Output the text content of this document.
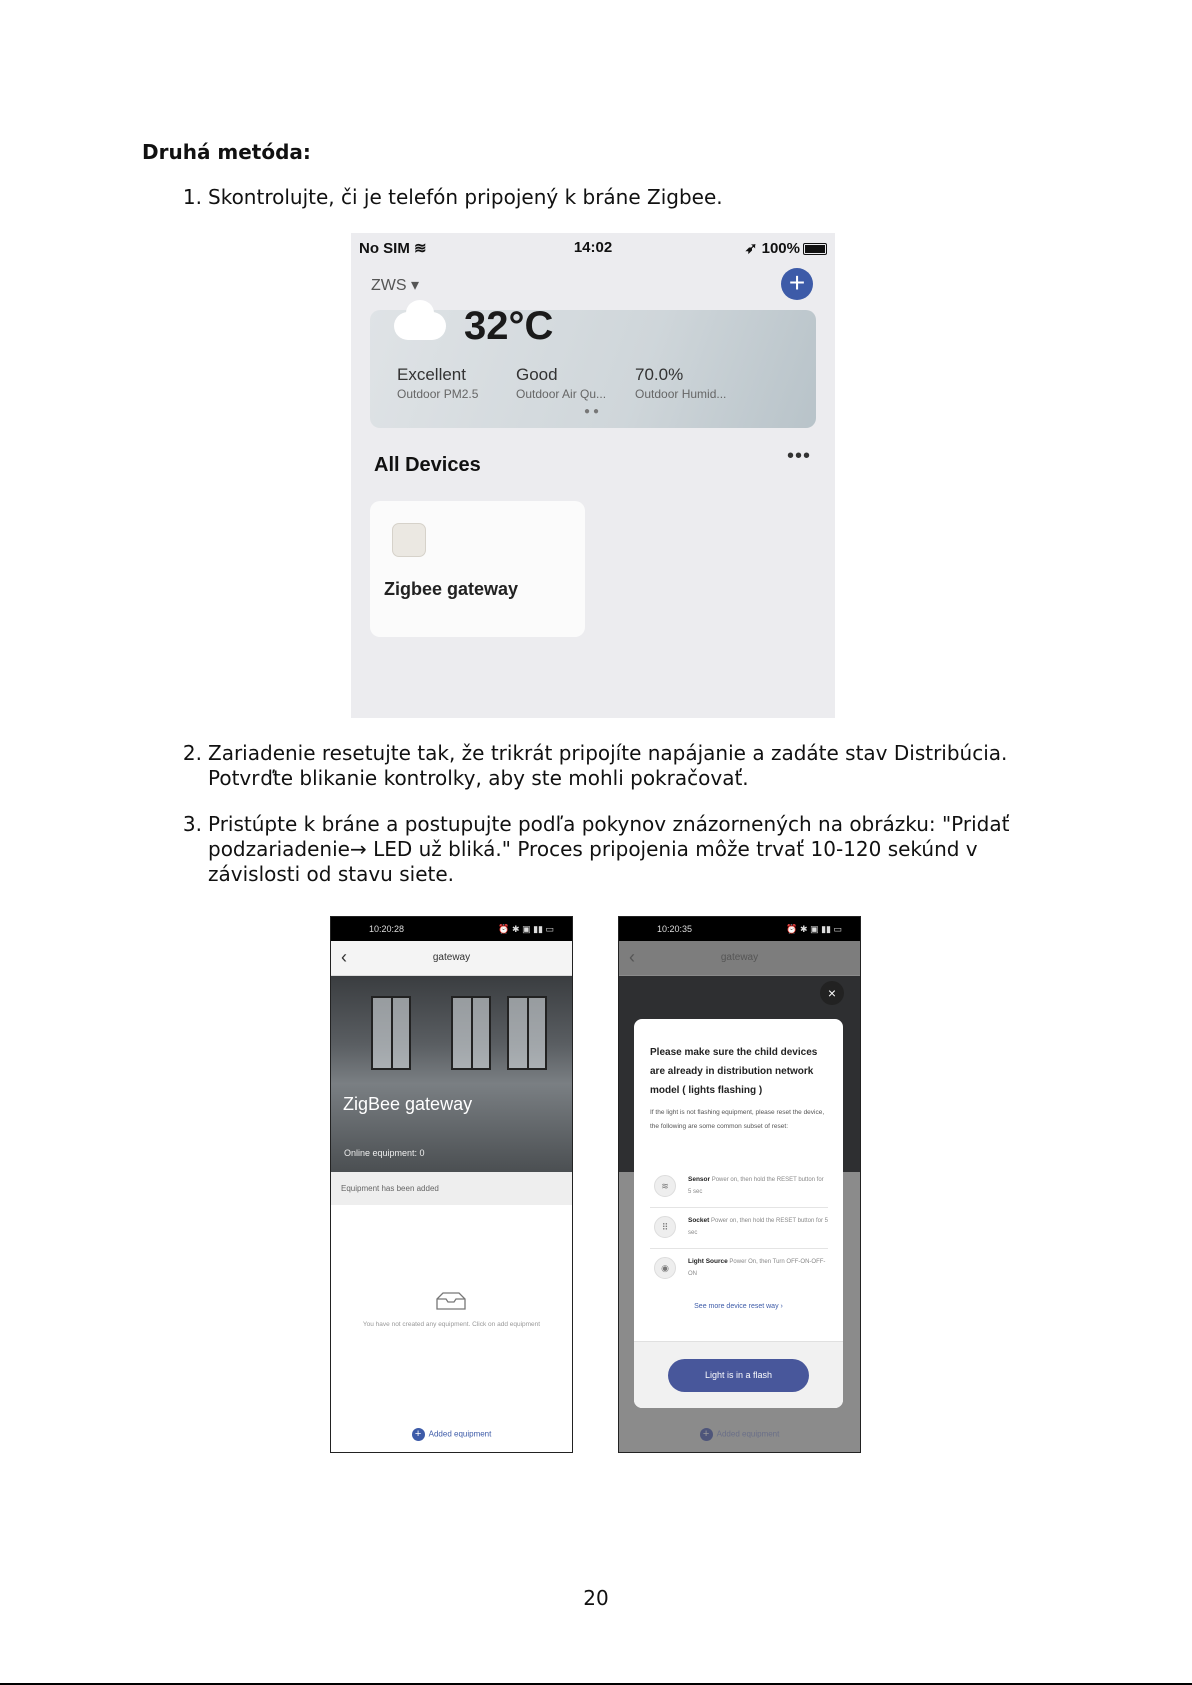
Druhá metóda:
1. Skontrolujte, či je telefón pripojený k bráne Zigbee.
No SIM ≋	14:02	➶ 100%
ZWS ▾	+
32°C
Excellent
Outdoor PM2.5
Good
Outdoor Air Qu...
70.0%
Outdoor Humid...
●●
All Devices	•••
Zigbee gateway
2. Zariadenie resetujte tak, že trikrát pripojíte napájanie a zadáte stav Distribúcia.
Potvrďte blikanie kontrolky, aby ste mohli pokračovať.
3. Pristúpte k bráne a postupujte podľa pokynov znázornených na obrázku: "Pridať
podzariadenie→ LED už bliká." Proces pripojenia môže trvať 10-120 sekúnd v
závislosti od stavu siete.
10:20:28	⏰ ✱ ▣ ▮▮ ▭
‹	gateway
ZigBee gateway
Online equipment: 0
Equipment has been added
You have not created any equipment. Click on add equipment
+ Added equipment
10:20:35	⏰ ✱ ▣ ▮▮ ▭
‹	gateway
×
Please make sure the child devices are already in distribution network model ( lights flashing )
If the light is not flashing equipment, please reset the device, the following are some common subset of reset:
≋
Sensor Power on, then hold the RESET button for 5 sec
⠿
Socket Power on, then hold the RESET button for 5 sec
◉
Light Source Power On, then Turn OFF-ON-OFF-ON
See more device reset way ›
Light is in a flash
+ Added equipment
20
